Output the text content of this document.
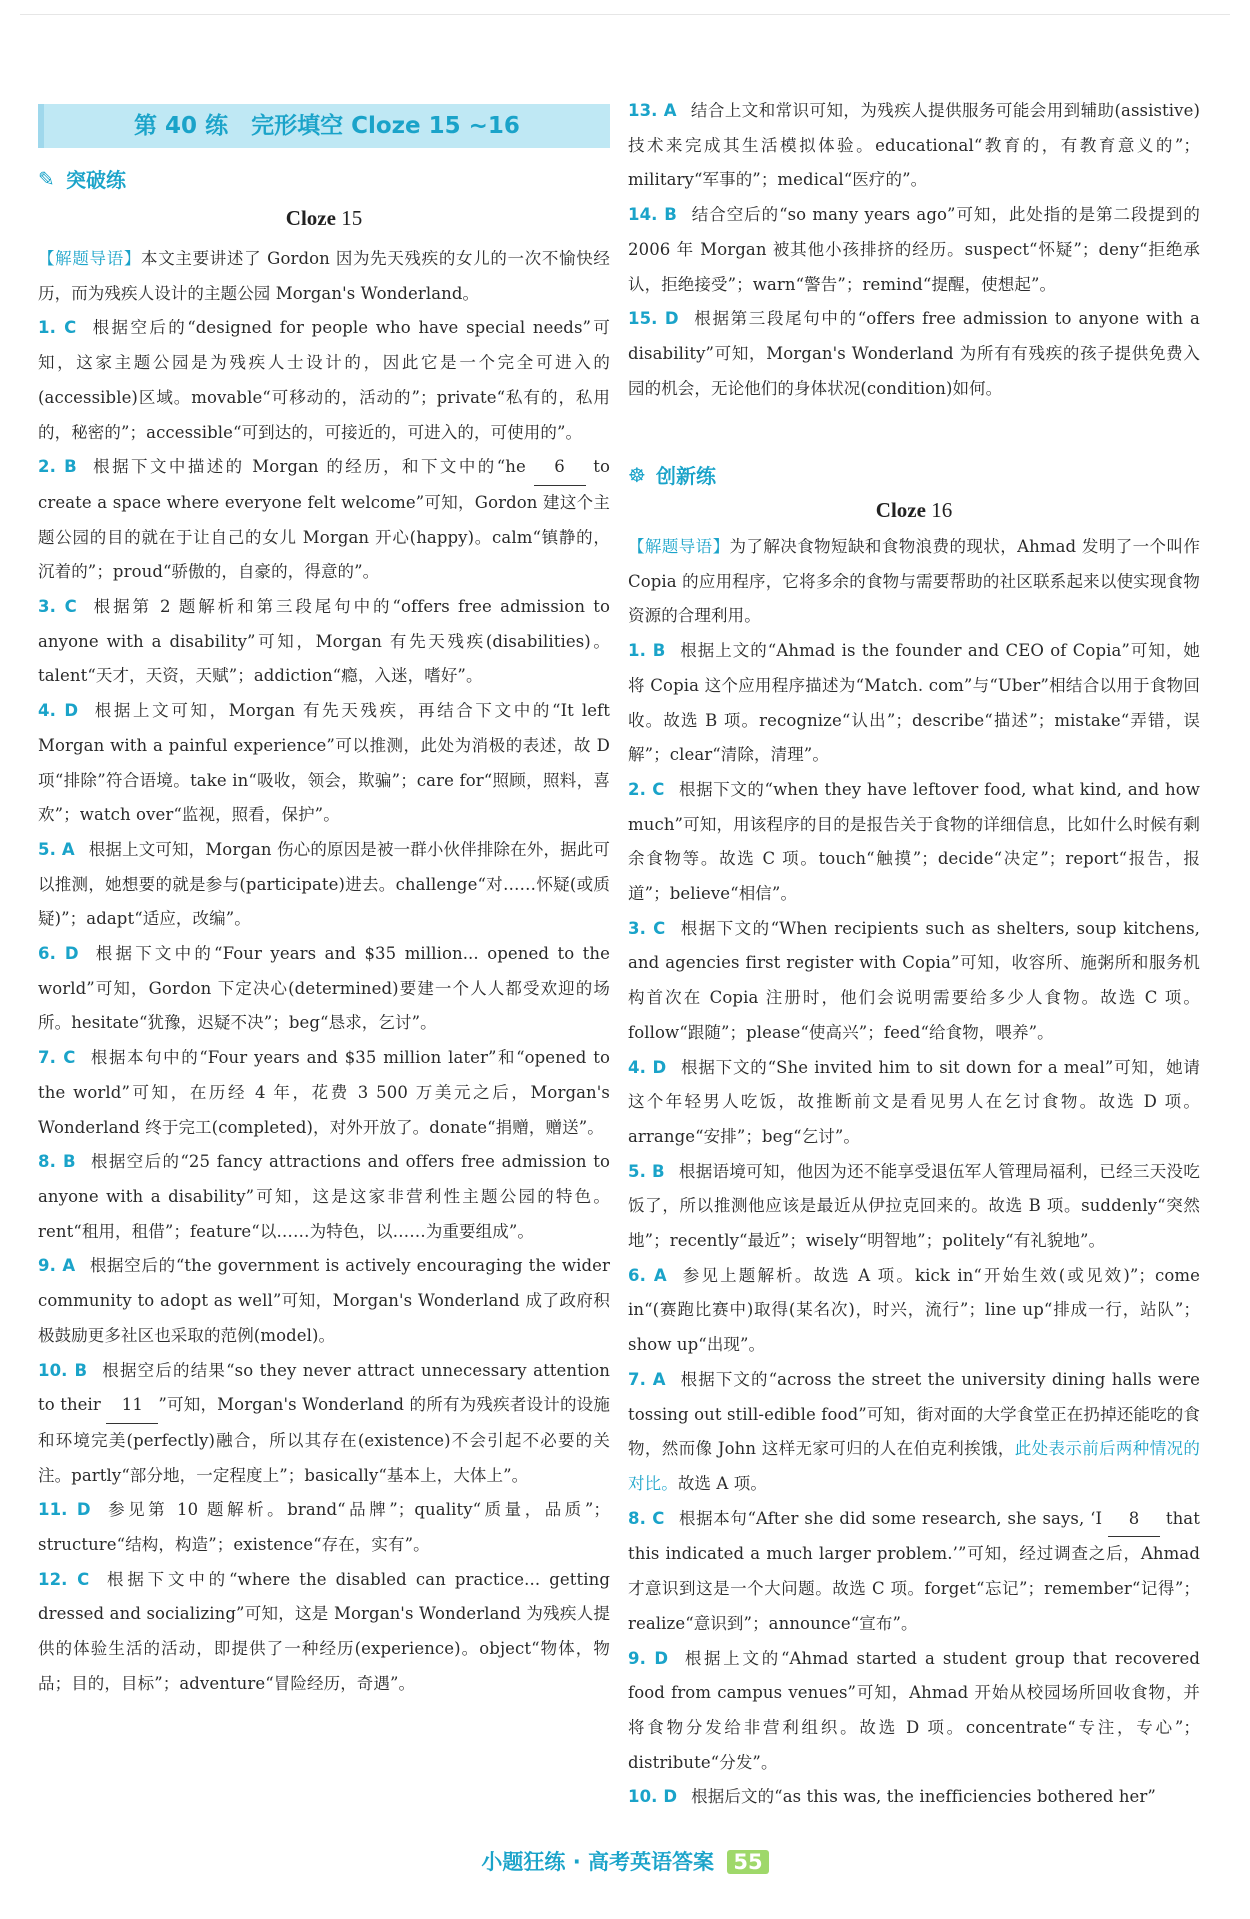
第 40 练　完形填空 Cloze 15 ~16
✎ 突破练
Cloze 15

【解题导语】本文主要讲述了 Gordon 因为先天残疾的女儿的一次不愉快经历，而为残疾人设计的主题公园 Morgan's Wonderland。

1. C 根据空后的“designed for people who have special needs”可知，这家主题公园是为残疾人士设计的，因此它是一个完全可进入的(accessible)区域。movable“可移动的，活动的”；private“私有的，私用的，秘密的”；accessible“可到达的，可接近的，可进入的，可使用的”。

2. B 根据下文中描述的 Morgan 的经历，和下文中的“he 6 to create a space where everyone felt welcome”可知，Gordon 建这个主题公园的目的就在于让自己的女儿 Morgan 开心(happy)。calm“镇静的，沉着的”；proud“骄傲的，自豪的，得意的”。

3. C 根据第 2 题解析和第三段尾句中的“offers free admission to anyone with a disability”可知，Morgan 有先天残疾(disabilities)。talent“天才，天资，天赋”；addiction“瘾，入迷，嗜好”。

4. D 根据上文可知，Morgan 有先天残疾，再结合下文中的“It left Morgan with a painful experience”可以推测，此处为消极的表述，故 D 项“排除”符合语境。take in“吸收，领会，欺骗”；care for“照顾，照料，喜欢”；watch over“监视，照看，保护”。

5. A 根据上文可知，Morgan 伤心的原因是被一群小伙伴排除在外，据此可以推测，她想要的就是参与(participate)进去。challenge“对……怀疑(或质疑)”；adapt“适应，改编”。

6. D 根据下文中的“Four years and $35 million... opened to the world”可知，Gordon 下定决心(determined)要建一个人人都受欢迎的场所。hesitate“犹豫，迟疑不决”；beg“恳求，乞讨”。

7. C 根据本句中的“Four years and $35 million later”和“opened to the world”可知，在历经 4 年，花费 3 500 万美元之后，Morgan's Wonderland 终于完工(completed)，对外开放了。donate“捐赠，赠送”。

8. B 根据空后的“25 fancy attractions and offers free admission to anyone with a disability”可知，这是这家非营利性主题公园的特色。rent“租用，租借”；feature“以……为特色，以……为重要组成”。

9. A 根据空后的“the government is actively encouraging the wider community to adopt as well”可知，Morgan's Wonderland 成了政府积极鼓励更多社区也采取的范例(model)。

10. B 根据空后的结果“so they never attract unnecessary attention to their 11 ”可知，Morgan's Wonderland 的所有为残疾者设计的设施和环境完美(perfectly)融合，所以其存在(existence)不会引起不必要的关注。partly“部分地，一定程度上”；basically“基本上，大体上”。

11. D 参见第 10 题解析。brand“品牌”；quality“质量，品质”；structure“结构，构造”；existence“存在，实有”。

12. C 根据下文中的“where the disabled can practice... getting dressed and socializing”可知，这是 Morgan's Wonderland 为残疾人提供的体验生活的活动，即提供了一种经历(experience)。object“物体，物品；目的，目标”；adventure“冒险经历，奇遇”。

13. A 结合上文和常识可知，为残疾人提供服务可能会用到辅助(assistive)技术来完成其生活模拟体验。educational“教育的，有教育意义的”；military“军事的”；medical“医疗的”。

14. B 结合空后的“so many years ago”可知，此处指的是第二段提到的 2006 年 Morgan 被其他小孩排挤的经历。suspect“怀疑”；deny“拒绝承认，拒绝接受”；warn“警告”；remind“提醒，使想起”。

15. D 根据第三段尾句中的“offers free admission to anyone with a disability”可知，Morgan's Wonderland 为所有有残疾的孩子提供免费入园的机会，无论他们的身体状况(condition)如何。

☸ 创新练
Cloze 16

【解题导语】为了解决食物短缺和食物浪费的现状，Ahmad 发明了一个叫作 Copia 的应用程序，它将多余的食物与需要帮助的社区联系起来以使实现食物资源的合理利用。

1. B 根据上文的“Ahmad is the founder and CEO of Copia”可知，她将 Copia 这个应用程序描述为“Match. com”与“Uber”相结合以用于食物回收。故选 B 项。recognize“认出”；describe“描述”；mistake“弄错，误解”；clear“清除，清理”。

2. C 根据下文的“when they have leftover food, what kind, and how much”可知，用该程序的目的是报告关于食物的详细信息，比如什么时候有剩余食物等。故选 C 项。touch“触摸”；decide“决定”；report“报告，报道”；believe“相信”。

3. C 根据下文的“When recipients such as shelters, soup kitchens, and agencies first register with Copia”可知，收容所、施粥所和服务机构首次在 Copia 注册时，他们会说明需要给多少人食物。故选 C 项。follow“跟随”；please“使高兴”；feed“给食物，喂养”。

4. D 根据下文的“She invited him to sit down for a meal”可知，她请这个年轻男人吃饭，故推断前文是看见男人在乞讨食物。故选 D 项。arrange“安排”；beg“乞讨”。

5. B 根据语境可知，他因为还不能享受退伍军人管理局福利，已经三天没吃饭了，所以推测他应该是最近从伊拉克回来的。故选 B 项。suddenly“突然地”；recently“最近”；wisely“明智地”；politely“有礼貌地”。

6. A 参见上题解析。故选 A 项。kick in“开始生效(或见效)”；come in“(赛跑比赛中)取得(某名次)，时兴，流行”；line up“排成一行，站队”；show up“出现”。

7. A 根据下文的“across the street the university dining halls were tossing out still-edible food”可知，街对面的大学食堂正在扔掉还能吃的食物，然而像 John 这样无家可归的人在伯克利挨饿，此处表示前后两种情况的对比。故选 A 项。

8. C 根据本句“After she did some research, she says, ‘I 8 that this indicated a much larger problem.’”可知，经过调查之后，Ahmad 才意识到这是一个大问题。故选 C 项。forget“忘记”；remember“记得”；realize“意识到”；announce“宣布”。

9. D 根据上文的“Ahmad started a student group that recovered food from campus venues”可知，Ahmad 开始从校园场所回收食物，并将食物分发给非营利组织。故选 D 项。concentrate“专注，专心”；distribute“分发”。

10. D 根据后文的“as this was, the inefficiencies bothered her”

小题狂练 · 高考英语答案 55
